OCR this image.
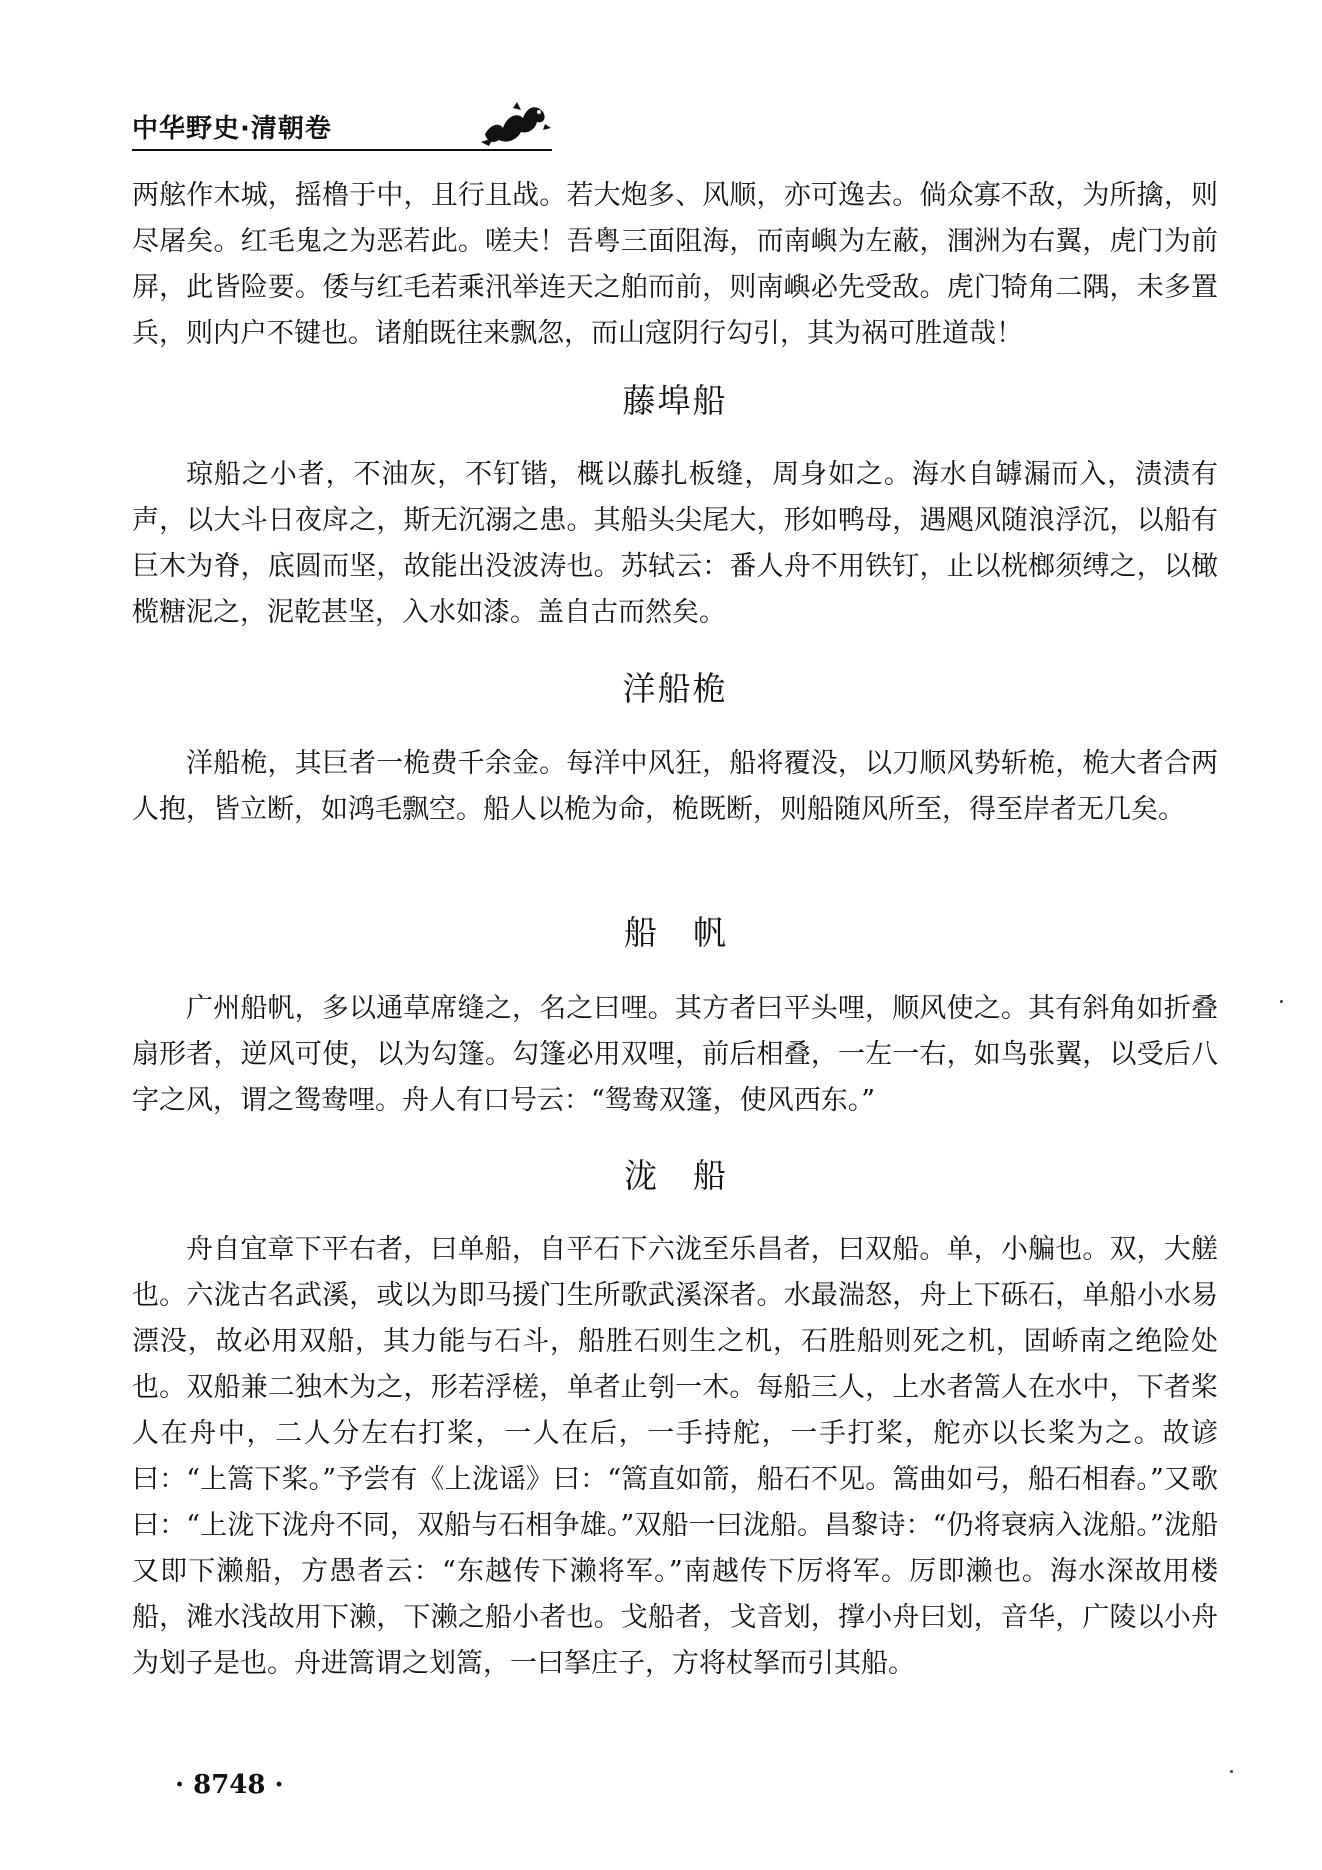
中华野史·清朝卷
两舷作木城，摇橹于中，且行且战。若大炮多、风顺，亦可逸去。倘众寡不敌，为所擒，则尽屠矣。红毛鬼之为恶若此。嗟夫！吾粤三面阻海，而南嶼为左蔽，涠洲为右翼，虎门为前屏，此皆险要。倭与红毛若乘汛举连天之舶而前，则南嶼必先受敌。虎门犄角二隅，未多置兵，则内户不键也。诸舶既往来飘忽，而山寇阴行勾引，其为祸可胜道哉！
藤埠船
琼船之小者，不油灰，不钉锴，概以藤扎板缝，周身如之。海水自罅漏而入，渍渍有声，以大斗日夜戽之，斯无沉溺之患。其船头尖尾大，形如鸭母，遇飓风随浪浮沉，以船有巨木为脊，底圆而坚，故能出没波涛也。苏轼云：番人舟不用铁钉，止以桄榔须缚之，以橄榄糖泥之，泥乾甚坚，入水如漆。盖自古而然矣。
洋船桅
洋船桅，其巨者一桅费千余金。每洋中风狂，船将覆没，以刀顺风势斩桅，桅大者合两人抱，皆立断，如鸿毛飘空。船人以桅为命，桅既断，则船随风所至，得至岸者无几矣。
船帆
广州船帆，多以通草席缝之，名之曰哩。其方者曰平头哩，顺风使之。其有斜角如折叠扇形者，逆风可使，以为勾篷。勾篷必用双哩，前后相叠，一左一右，如鸟张翼，以受后八字之风，谓之鸳鸯哩。舟人有口号云：“鸳鸯双篷，使风西东。”
泷船
舟自宜章下平右者，曰单船，自平石下六泷至乐昌者，曰双船。单，小艑也。双，大艖也。六泷古名武溪，或以为即马援门生所歌武溪深者。水最湍怒，舟上下砾石，单船小水易漂没，故必用双船，其力能与石斗，船胜石则生之机，石胜船则死之机，固峤南之绝险处也。双船兼二独木为之，形若浮槎，单者止刳一木。每船三人，上水者篙人在水中，下者桨人在舟中，二人分左右打桨，一人在后，一手持舵，一手打桨，舵亦以长桨为之。故谚曰：“上篙下桨。”予尝有《上泷谣》曰：“篙直如箭，船石不见。篙曲如弓，船石相舂。”又歌曰：“上泷下泷舟不同，双船与石相争雄。”双船一曰泷船。昌黎诗：“仍将衰病入泷船。”泷船又即下濑船，方愚者云：“东越传下濑将军。”南越传下厉将军。厉即濑也。海水深故用楼船，滩水浅故用下濑，下濑之船小者也。戈船者，戈音划，撑小舟曰划，音华，广陵以小舟为划子是也。舟进篙谓之划篙，一曰拏庄子，方将杖拏而引其船。
· 8748 ·
